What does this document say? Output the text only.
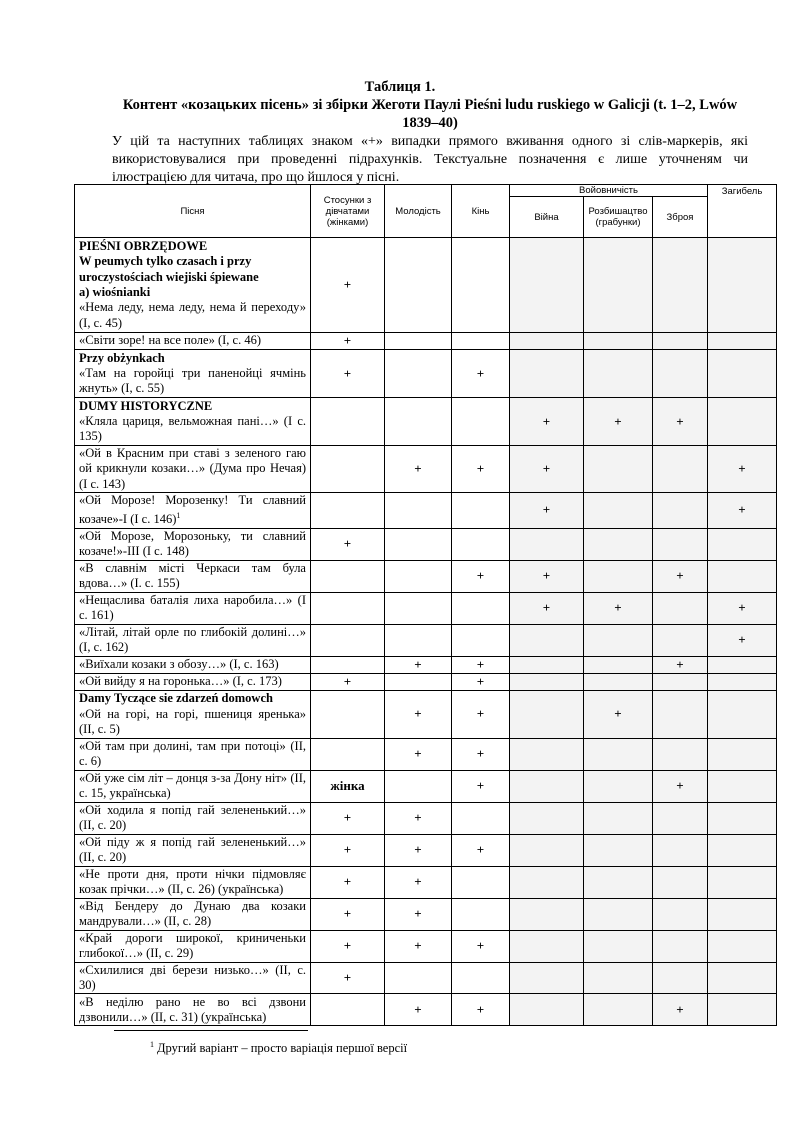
Таблиця 1.
Контент «козацьких пісень» зі збірки Жеготи Паулі Pieśni ludu ruskiego w Galicji (t. 1–2, Lwów 1839–40)
У цій та наступних таблицях знаком «+» випадки прямого вживання одного зі слів-маркерів, які використовувалися при проведенні підрахунків. Текстуальне позначення є лише уточненям чи ілюстрацією для читача, про що йшлося у пісні.
Пісня	Стосунки з дівчатами (жінками)	Молодість	Кінь	Войовничість			Загибель
				Війна	Розбишацтво (грабунки)	Зброя	

PIEŚNI OBRZĘDOWE
W peumych tylko czasach i przy uroczystościach wiejiski śpiewane
a) wiośnianki
«Нема леду, нема леду, нема й переходу» (І, с. 45)	+						

«Світи зоре! на все поле» (І, с. 46)	+						

Przy obżynkach
«Там на горойці три паненойці ячмінь жнуть» (І, с. 55)	+		+				

DUMY HISTORYCZNE
«Кляла цариця, вельможная пані…» (І с. 135)				+	+	+	

«Ой в Красним при ставі з зеленого гаю ой крикнули козаки…» (Дума про Нечая) (І с. 143)		+	+	+			+
«Ой Морозе! Морозенку! Ти славний козаче»-І (І с. 146)$^1$				+			+

«Ой Морозе, Морозоньку, ти славний козаче!»-ІІІ (І с. 148)	+						

«В славнім місті Черкаси там була вдова…» (І. с. 155)			+	+		+	

«Нещаслива баталія лиха наробила…» (І с. 161)				+	+		+

«Літай, літай орле по глибокій долині…» (І, с. 162)							+

«Виїхали козаки з обозу…» (І, с. 163)		+	+			+	

«Ой вийду я на горонька…» (І, с. 173)	+		+				

Damy Tyczące sie zdarzeń domowch
«Ой на горі, на горі, пшениця яренька» (ІІ, с. 5)		+	+		+		

«Ой там при долині, там при потоці» (ІІ, с. 6)		+	+				

«Ой уже сім літ – донця з-за Дону ніт» (ІІ, с. 15, українська)	жінка		+			+	

«Ой ходила я попід гай зелененький…» (ІІ, с. 20)	+	+					

«Ой піду ж я попід гай зелененький…» (ІІ, с. 20)	+	+	+				

«Не проти дня, проти нічки підмовляє козак прічки…» (ІІ, с. 26) (українська)	+	+					

«Від Бендеру до Дунаю два козаки мандрували…» (ІІ, с. 28)	+	+					

«Край дороги широкої, криниченьки глибокої…» (ІІ, с. 29)	+	+	+				

«Схилилися дві берези низько…» (ІІ, с. 30)	+						

«В неділю рано не во всі дзвони дзвонили…» (ІІ, с. 31) (українська)		+	+			+	
$^1$ Другий варіант – просто варіація першої версії
